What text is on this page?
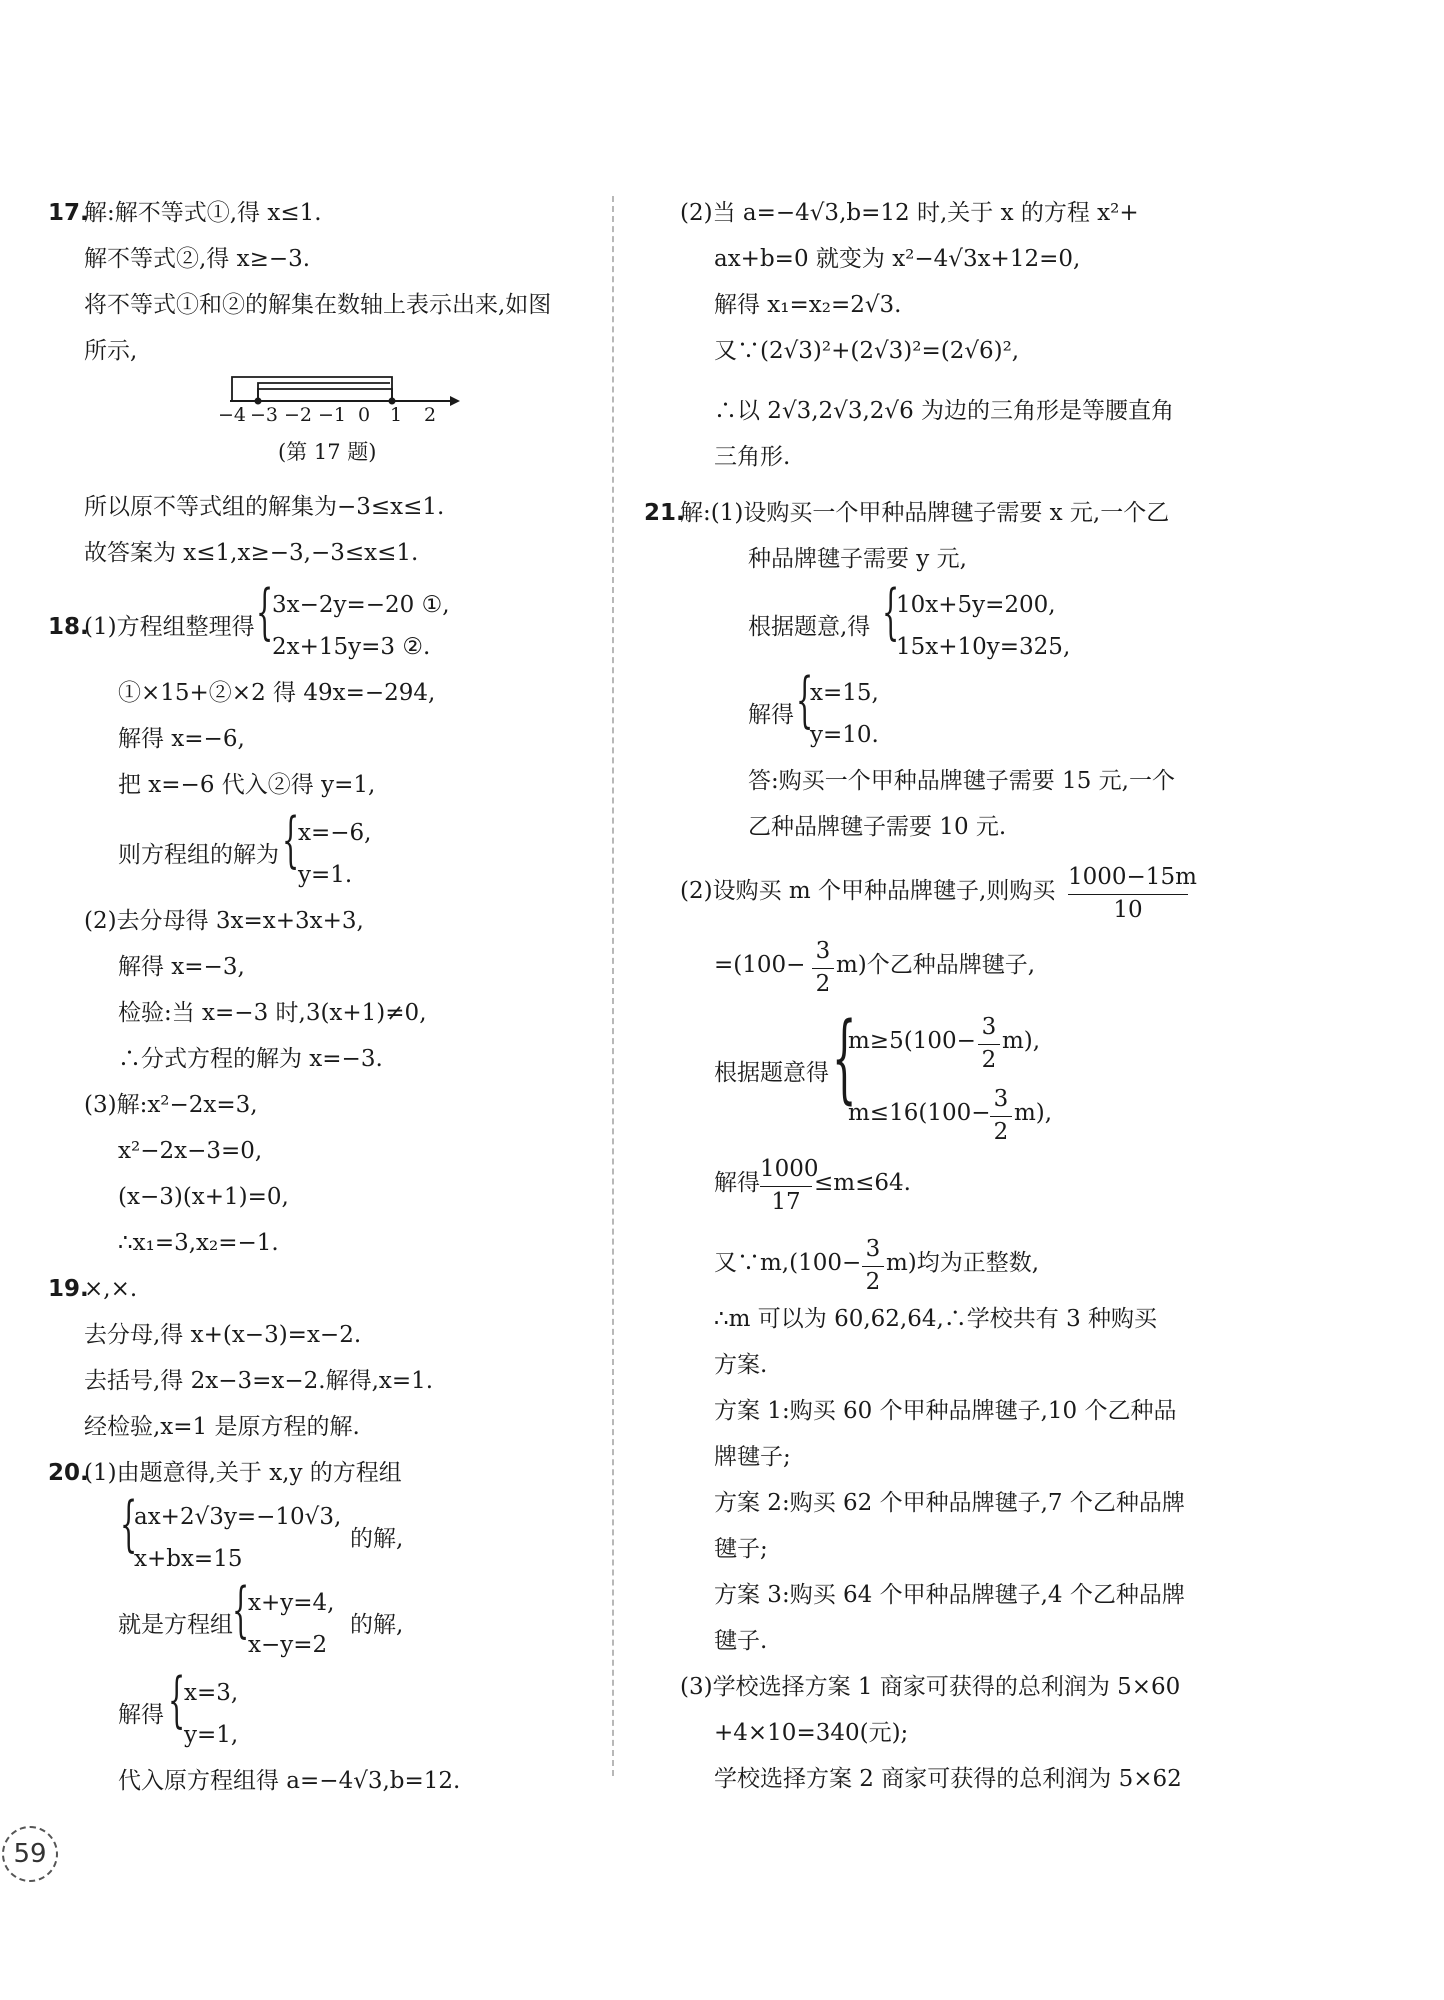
17.
解:解不等式①,得 x≤1.
解不等式②,得 x≥−3.
将不等式①和②的解集在数轴上表示出来,如图
所示,
−4 −3 −2 −1 0 1 2
(第 17 题)
所以原不等式组的解集为−3≤x≤1.
故答案为 x≤1,x≥−3,−3≤x≤1.
18.
(1)方程组整理得 {
3x−2y=−20 ①,
2x+15y=3 ②.
①×15+②×2 得 49x=−294,
解得 x=−6,
把 x=−6 代入②得 y=1,
则方程组的解为 {
x=−6,
y=1.
(2)去分母得 3x=x+3x+3,
解得 x=−3,
检验:当 x=−3 时,3(x+1)≠0,
∴分式方程的解为 x=−3.
(3)解:x²−2x=3,
x²−2x−3=0,
(x−3)(x+1)=0,
∴x₁=3,x₂=−1.
19.
×,×.
去分母,得 x+(x−3)=x−2.
去括号,得 2x−3=x−2.解得,x=1.
经检验,x=1 是原方程的解.
20.
(1)由题意得,关于 x,y 的方程组
{
ax+2√3y=−10√3,
x+bx=15
的解,
就是方程组 {
x+y=4,
x−y=2
的解,
解得 {
x=3,
y=1,
代入原方程组得 a=−4√3,b=12.
(2)当 a=−4√3,b=12 时,关于 x 的方程 x²+
ax+b=0 就变为 x²−4√3x+12=0,
解得 x₁=x₂=2√3.
又∵(2√3)²+(2√3)²=(2√6)²,
∴以 2√3,2√3,2√6 为边的三角形是等腰直角
三角形.
21.
解:(1)设购买一个甲种品牌毽子需要 x 元,一个乙
种品牌毽子需要 y 元,
根据题意,得 {
10x+5y=200,
15x+10y=325,
解得 {
x=15,
y=10.
答:购买一个甲种品牌毽子需要 15 元,一个
乙种品牌毽子需要 10 元.
(2)设购买 m 个甲种品牌毽子,则购买
1000−15m
10
=(100−
3
2
m)个乙种品牌毽子,
根据题意得 {
m≥5(100−
3
2
m),
m≤16(100−
3
2
m),
解得
1000
17
≤m≤64.
又∵m,(100−
3
2
m)均为正整数,
∴m 可以为 60,62,64,∴学校共有 3 种购买
方案.
方案 1:购买 60 个甲种品牌毽子,10 个乙种品
牌毽子;
方案 2:购买 62 个甲种品牌毽子,7 个乙种品牌
毽子;
方案 3:购买 64 个甲种品牌毽子,4 个乙种品牌
毽子.
(3)学校选择方案 1 商家可获得的总利润为 5×60
+4×10=340(元);
学校选择方案 2 商家可获得的总利润为 5×62
59
